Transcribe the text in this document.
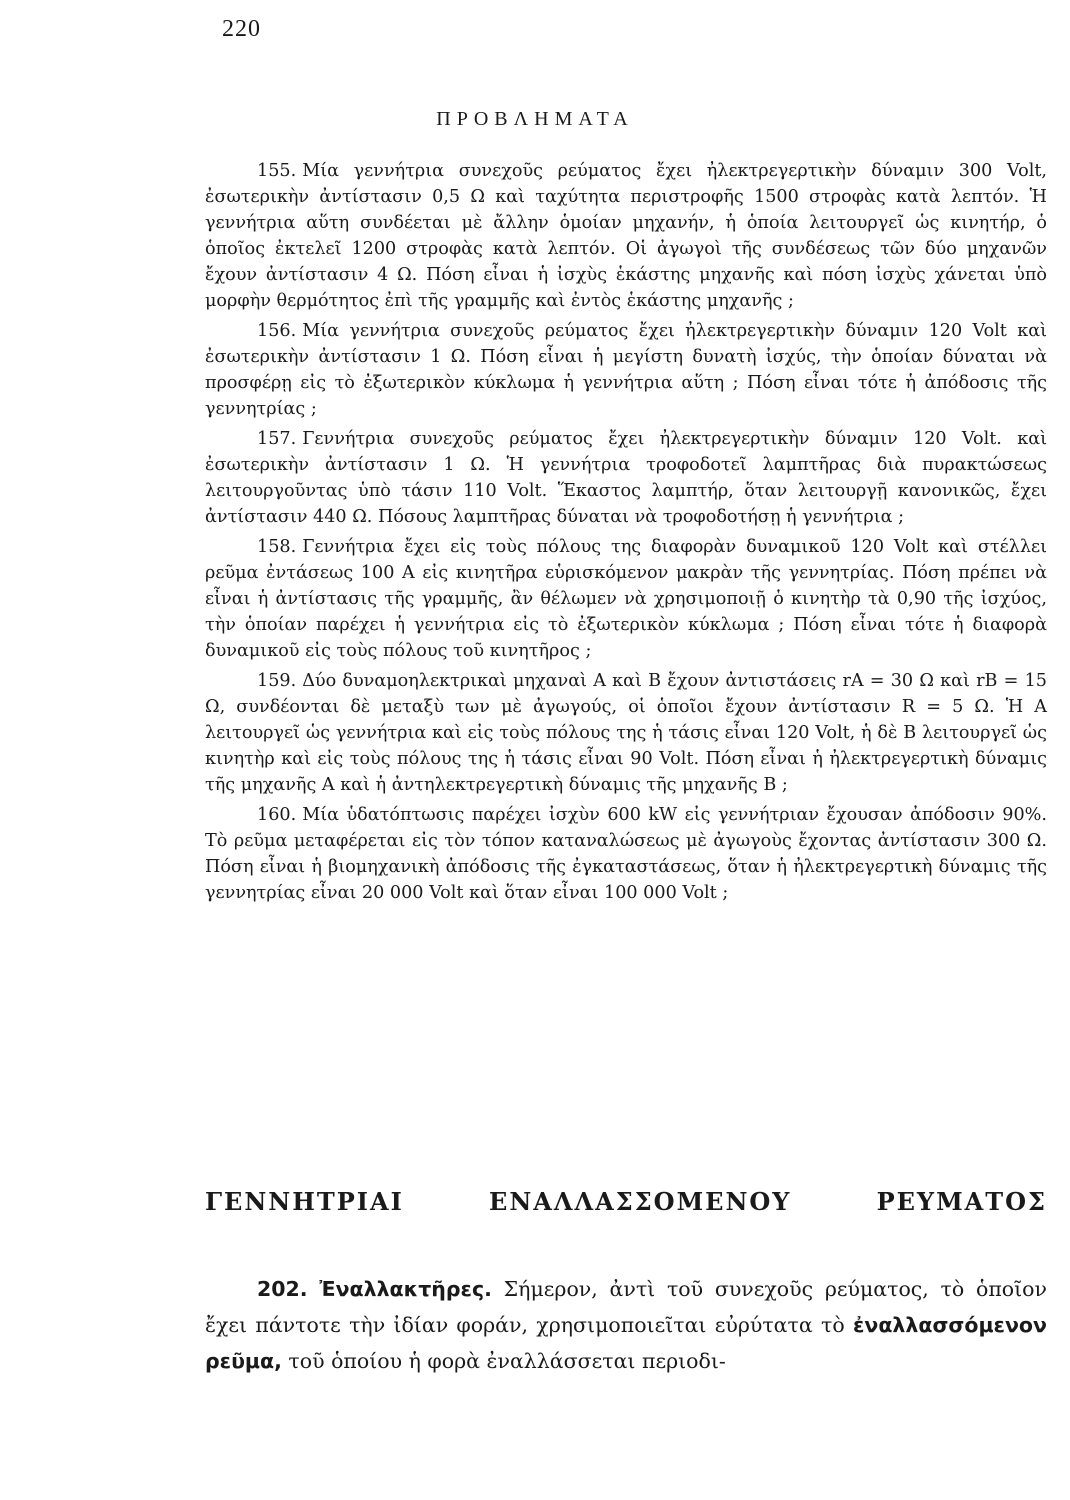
220
ΠΡΟΒΛΗΜΑΤΑ

155. Μία γεννήτρια συνεχοῦς ρεύματος ἔχει ἠλεκτρεγερτικὴν δύναμιν 300 Volt, ἐσωτερικὴν ἀντίστασιν 0,5 Ω καὶ ταχύτητα περιστροφῆς 1500 στροφὰς κατὰ λεπτόν. Ἡ γεννήτρια αὕτη συνδέεται μὲ ἄλλην ὁμοίαν μηχανήν, ἡ ὁποία λειτουργεῖ ὡς κινητήρ, ὁ ὁποῖος ἐκτελεῖ 1200 στροφὰς κατὰ λεπτόν. Οἱ ἀγωγοὶ τῆς συνδέσεως τῶν δύο μηχανῶν ἔχουν ἀντίστασιν 4 Ω. Πόση εἶναι ἡ ἰσχὺς ἑκάστης μηχανῆς καὶ πόση ἰσχὺς χάνεται ὑπὸ μορφὴν θερμότητος ἐπὶ τῆς γραμμῆς καὶ ἐντὸς ἑκάστης μηχανῆς ;

156. Μία γεννήτρια συνεχοῦς ρεύματος ἔχει ἠλεκτρεγερτικὴν δύναμιν 120 Volt καὶ ἐσωτερικὴν ἀντίστασιν 1 Ω. Πόση εἶναι ἡ μεγίστη δυνατὴ ἰσχύς, τὴν ὁποίαν δύναται νὰ προσφέρῃ εἰς τὸ ἐξωτερικὸν κύκλωμα ἡ γεννήτρια αὕτη ; Πόση εἶναι τότε ἡ ἀπόδοσις τῆς γεννητρίας ;

157. Γεννήτρια συνεχοῦς ρεύματος ἔχει ἠλεκτρεγερτικὴν δύναμιν 120 Volt. καὶ ἐσωτερικὴν ἀντίστασιν 1 Ω. Ἡ γεννήτρια τροφοδοτεῖ λαμπτῆρας διὰ πυρακτώσεως λειτουργοῦντας ὑπὸ τάσιν 110 Volt. Ἕκαστος λαμπτήρ, ὅταν λειτουργῇ κανονικῶς, ἔχει ἀντίστασιν 440 Ω. Πόσους λαμπτῆρας δύναται νὰ τροφοδοτήσῃ ἡ γεννήτρια ;

158. Γεννήτρια ἔχει εἰς τοὺς πόλους της διαφορὰν δυναμικοῦ 120 Volt καὶ στέλλει ρεῦμα ἐντάσεως 100 A εἰς κινητῆρα εὑρισκόμενον μακρὰν τῆς γεννητρίας. Πόση πρέπει νὰ εἶναι ἡ ἀντίστασις τῆς γραμμῆς, ἂν θέλωμεν νὰ χρησιμοποιῇ ὁ κινητὴρ τὰ 0,90 τῆς ἰσχύος, τὴν ὁποίαν παρέχει ἡ γεννήτρια εἰς τὸ ἐξωτερικὸν κύκλωμα ; Πόση εἶναι τότε ἡ διαφορὰ δυναμικοῦ εἰς τοὺς πόλους τοῦ κινητῆρος ;

159. Δύο δυναμοηλεκτρικαὶ μηχαναὶ Α καὶ Β ἔχουν ἀντιστάσεις rA = 30 Ω καὶ rB = 15 Ω, συνδέονται δὲ μεταξὺ των μὲ ἀγωγούς, οἱ ὁποῖοι ἔχουν ἀντίστασιν R = 5 Ω. Ἡ Α λειτουργεῖ ὡς γεννήτρια καὶ εἰς τοὺς πόλους της ἡ τάσις εἶναι 120 Volt, ἡ δὲ Β λειτουργεῖ ὡς κινητὴρ καὶ εἰς τοὺς πόλους της ἡ τάσις εἶναι 90 Volt. Πόση εἶναι ἡ ἠλεκτρεγερτικὴ δύναμις τῆς μηχανῆς Α καὶ ἡ ἀντηλεκτρεγερτικὴ δύναμις τῆς μηχανῆς Β ;

160. Μία ὑδατόπτωσις παρέχει ἰσχὺν 600 kW εἰς γεννήτριαν ἔχουσαν ἀπόδοσιν 90%. Τὸ ρεῦμα μεταφέρεται εἰς τὸν τόπον καταναλώσεως μὲ ἀγωγοὺς ἔχοντας ἀντίστασιν 300 Ω. Πόση εἶναι ἡ βιομηχανικὴ ἀπόδοσις τῆς ἐγκαταστάσεως, ὅταν ἡ ἠλεκτρεγερτικὴ δύναμις τῆς γεννητρίας εἶναι 20 000 Volt καὶ ὅταν εἶναι 100 000 Volt ;

ΓΕΝΝΗΤΡΙΑΙ ΕΝΑΛΛΑΣΣΟΜΕΝΟΥ ΡΕΥΜΑΤΟΣ

202. Ἐναλλακτῆρες. Σήμερον, ἀντὶ τοῦ συνεχοῦς ρεύματος, τὸ ὁποῖον ἔχει πάντοτε τὴν ἰδίαν φοράν, χρησιμοποιεῖται εὐρύτατα τὸ ἐναλλασσόμενον ρεῦμα, τοῦ ὁποίου ἡ φορὰ ἐναλλάσσεται περιοδι-
